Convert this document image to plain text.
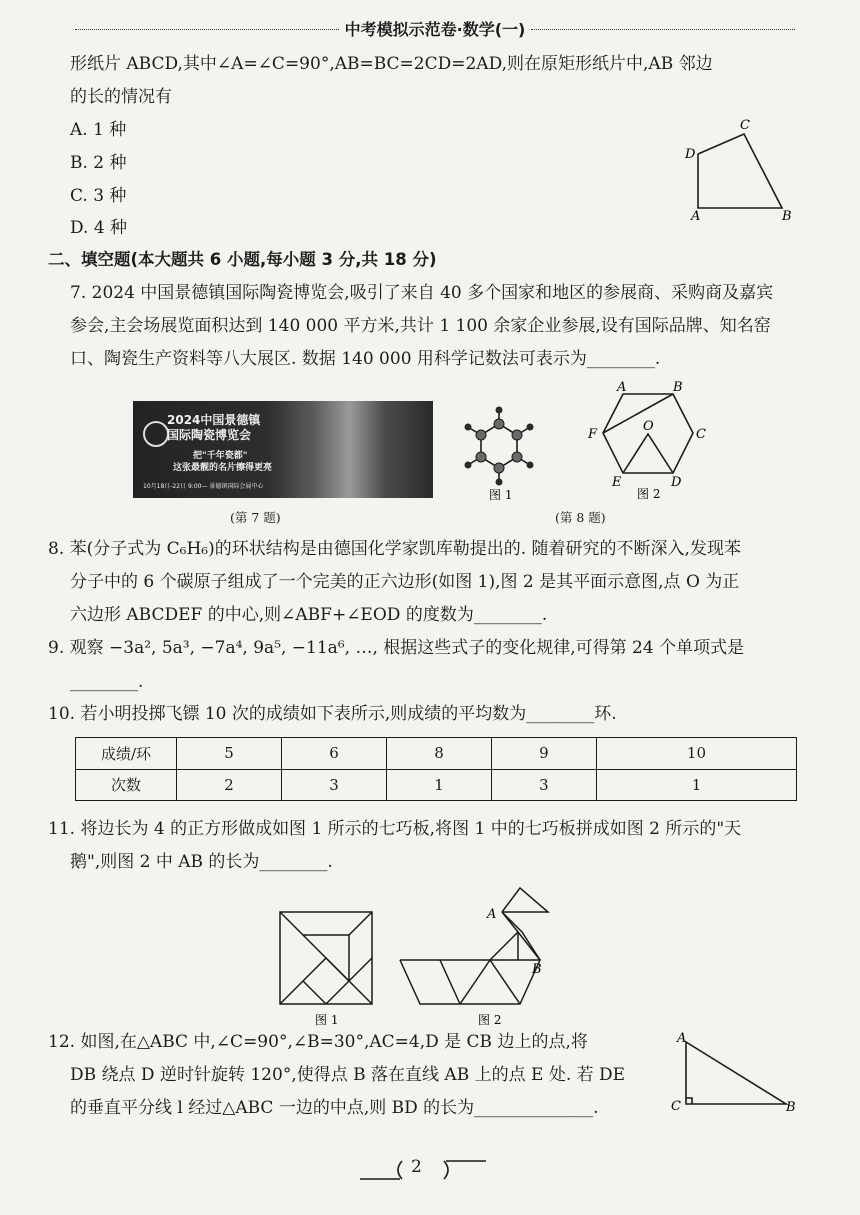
中考模拟示范卷·数学(一)
形纸片 ABCD,其中∠A=∠C=90°,AB=BC=2CD=2AD,则在原矩形纸片中,AB 邻边
的长的情况有
A. 1 种
B. 2 种
C. 3 种
D. 4 种
C
D
A	B
二、填空题(本大题共 6 小题,每小题 3 分,共 18 分)
7. 2024 中国景德镇国际陶瓷博览会,吸引了来自 40 多个国家和地区的参展商、采购商及嘉宾
参会,主会场展览面积达到 140 000 平方米,共计 1 100 余家企业参展,设有国际品牌、知名窑
口、陶瓷生产资料等八大展区. 数据 140 000 用科学记数法可表示为________.
2024中国景德镇
国际陶瓷博览会
把"千年瓷都"
这张最靓的名片擦得更亮
10月18日-22日 9:00— 景德镇国际会展中心
(第 7 题)
图 1
A	B
C
D
E
F
O
图 2
(第 8 题)
8. 苯(分子式为 C₆H₆)的环状结构是由德国化学家凯库勒提出的. 随着研究的不断深入,发现苯
分子中的 6 个碳原子组成了一个完美的正六边形(如图 1),图 2 是其平面示意图,点 O 为正
六边形 ABCDEF 的中心,则∠ABF+∠EOD 的度数为________.
9. 观察 −3a², 5a³, −7a⁴, 9a⁵, −11a⁶, …, 根据这些式子的变化规律,可得第 24 个单项式是
________.
10. 若小明投掷飞镖 10 次的成绩如下表所示,则成绩的平均数为________环.
成绩/环	5	6	8	9	10
次数	2	3	1	3	1
11. 将边长为 4 的正方形做成如图 1 所示的七巧板,将图 1 中的七巧板拼成如图 2 所示的"天
鹅",则图 2 中 AB 的长为________.
A
B
图 1	图 2
12. 如图,在△ABC 中,∠C=90°,∠B=30°,AC=4,D 是 CB 边上的点,将
DB 绕点 D 逆时针旋转 120°,使得点 B 落在直线 AB 上的点 E 处. 若 DE
的垂直平分线 l 经过△ABC 一边的中点,则 BD 的长为______________.
A
C	B
2
